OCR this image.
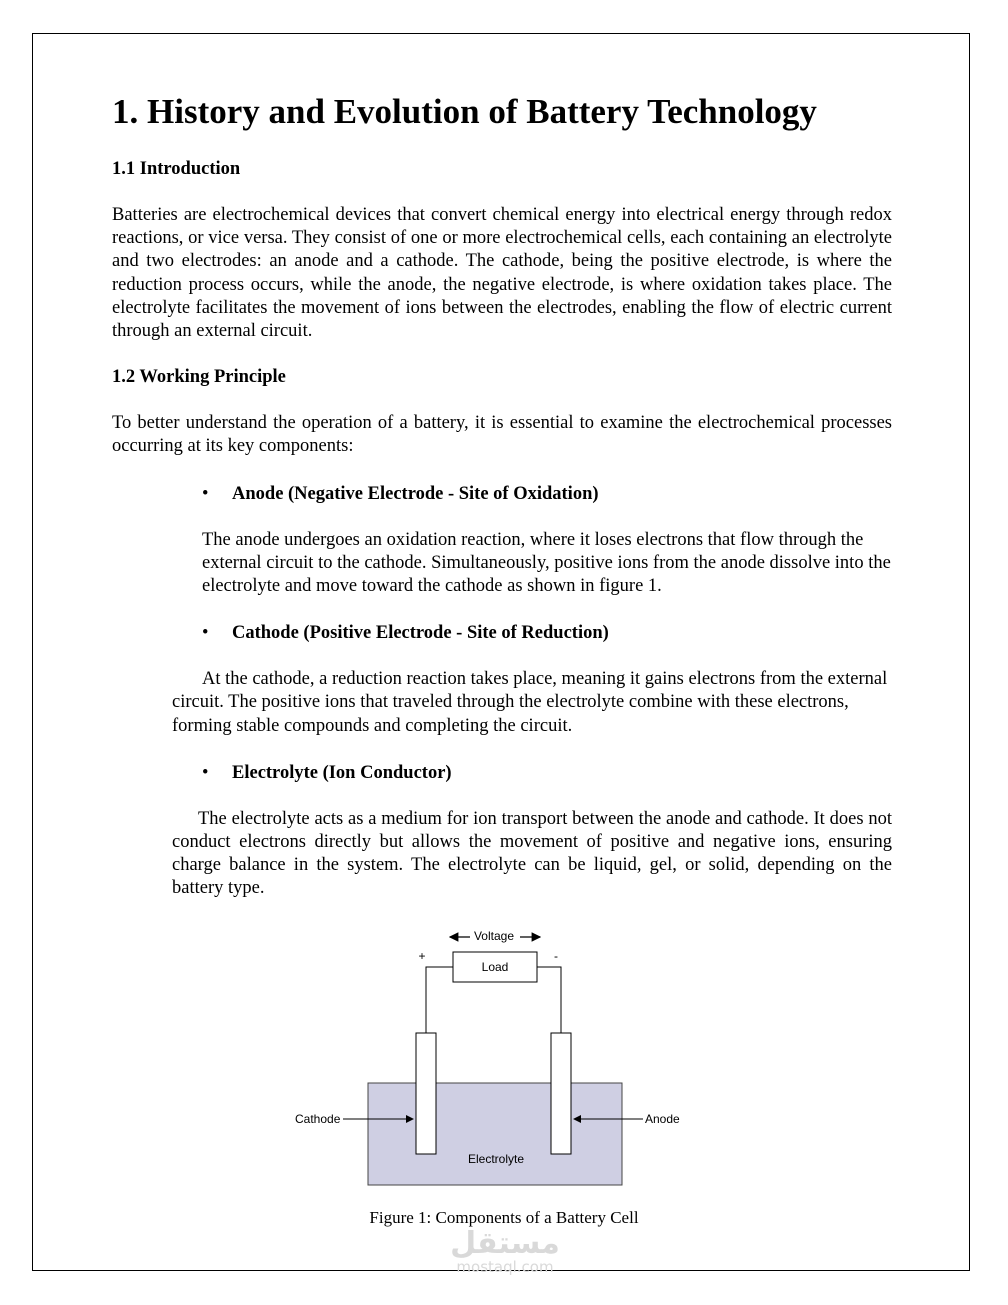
1. History and Evolution of Battery Technology
1.1 Introduction

Batteries are electrochemical devices that convert chemical energy into electrical energy through redox reactions, or vice versa. They consist of one or more electrochemical cells, each containing an electrolyte and two electrodes: an anode and a cathode. The cathode, being the positive electrode, is where the reduction process occurs, while the anode, the negative electrode, is where oxidation takes place. The electrolyte facilitates the movement of ions between the electrodes, enabling the flow of electric current through an external circuit.

1.2 Working Principle

To better understand the operation of a battery, it is essential to examine the electrochemical processes occurring at its key components:

• Anode (Negative Electrode - Site of Oxidation)

The anode undergoes an oxidation reaction, where it loses electrons that flow through the external circuit to the cathode. Simultaneously, positive ions from the anode dissolve into the electrolyte and move toward the cathode as shown in figure 1.

• Cathode (Positive Electrode - Site of Reduction)

At the cathode, a reduction reaction takes place, meaning it gains electrons from the external circuit. The positive ions that traveled through the electrolyte combine with these electrons, forming stable compounds and completing the circuit.

• Electrolyte (Ion Conductor)

The electrolyte acts as a medium for ion transport between the anode and cathode. It does not conduct electrons directly but allows the movement of positive and negative ions, ensuring charge balance in the system. The electrolyte can be liquid, gel, or solid, depending on the battery type.

Voltage
+	-
Load
Electrolyte
Cathode	Anode
Figure 1: Components of a Battery Cell
مستقل
mostaql.com
